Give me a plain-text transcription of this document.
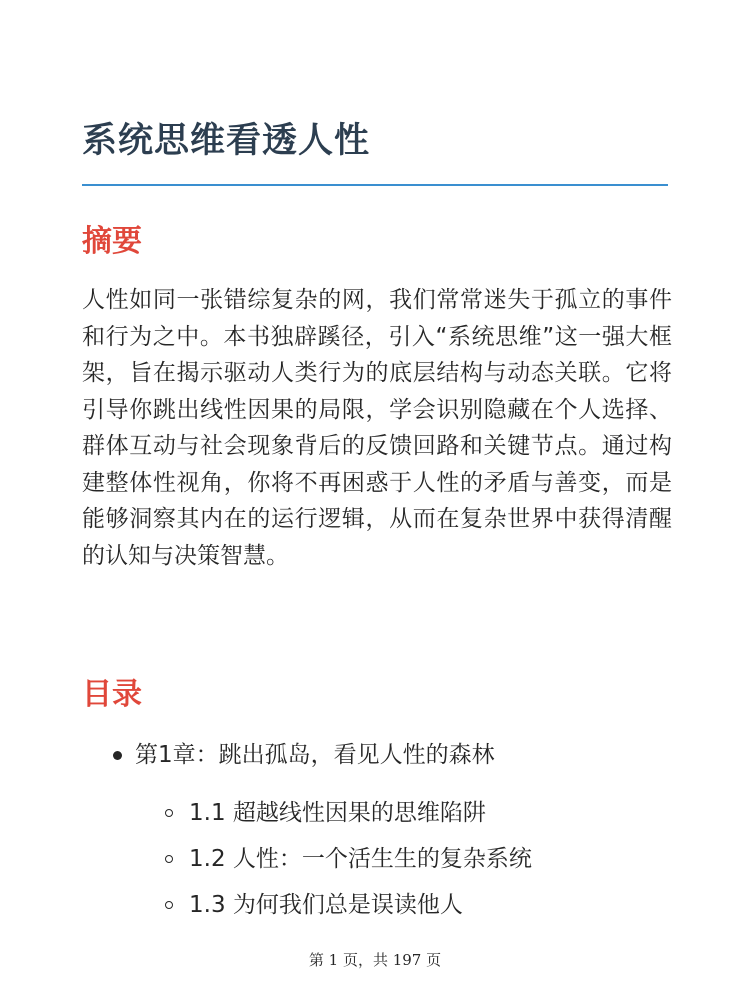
系统思维看透人性
摘要

人性如同一张错综复杂的网，我们常常迷失于孤立的事件和行为之中。本书独辟蹊径，引入“系统思维”这一强大框架，旨在揭示驱动人类行为的底层结构与动态关联。它将引导你跳出线性因果的局限，学会识别隐藏在个人选择、群体互动与社会现象背后的反馈回路和关键节点。通过构建整体性视角，你将不再困惑于人性的矛盾与善变，而是能够洞察其内在的运行逻辑，从而在复杂世界中获得清醒的认知与决策智慧。

目录
第1章：跳出孤岛，看见人性的森林
1.1 超越线性因果的思维陷阱
1.2 人性：一个活生生的复杂系统
1.3 为何我们总是误读他人
第 1 页，共 197 页
